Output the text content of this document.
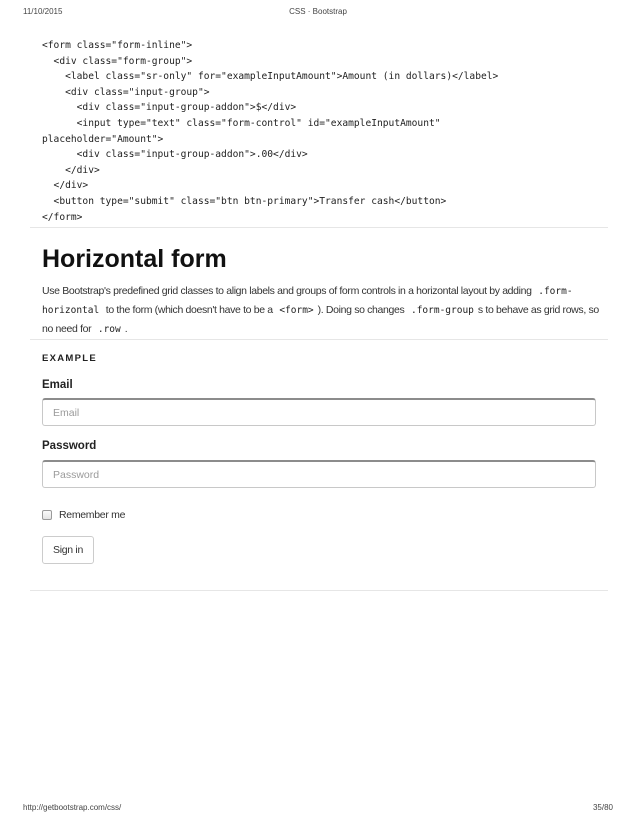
11/10/2015	CSS · Bootstrap
<form class="form-inline">
<div class="form-group">
<label class="sr-only" for="exampleInputAmount">Amount (in dollars)</label>
<div class="input-group">
<div class="input-group-addon">$</div>
<input type="text" class="form-control" id="exampleInputAmount"
placeholder="Amount">
<div class="input-group-addon">.00</div>
</div>
</div>
<button type="submit" class="btn btn-primary">Transfer cash</button>
</form>
Horizontal form

Use Bootstrap's predefined grid classes to align labels and groups of form controls in a horizontal layout by adding .form-horizontal to the form (which doesn't have to be a <form> ). Doing so changes .form-group s to behave as grid rows, so no need for .row .

EXAMPLE
Email
Email
Password
Remember me
Sign in
http://getbootstrap.com/css/	35/80
